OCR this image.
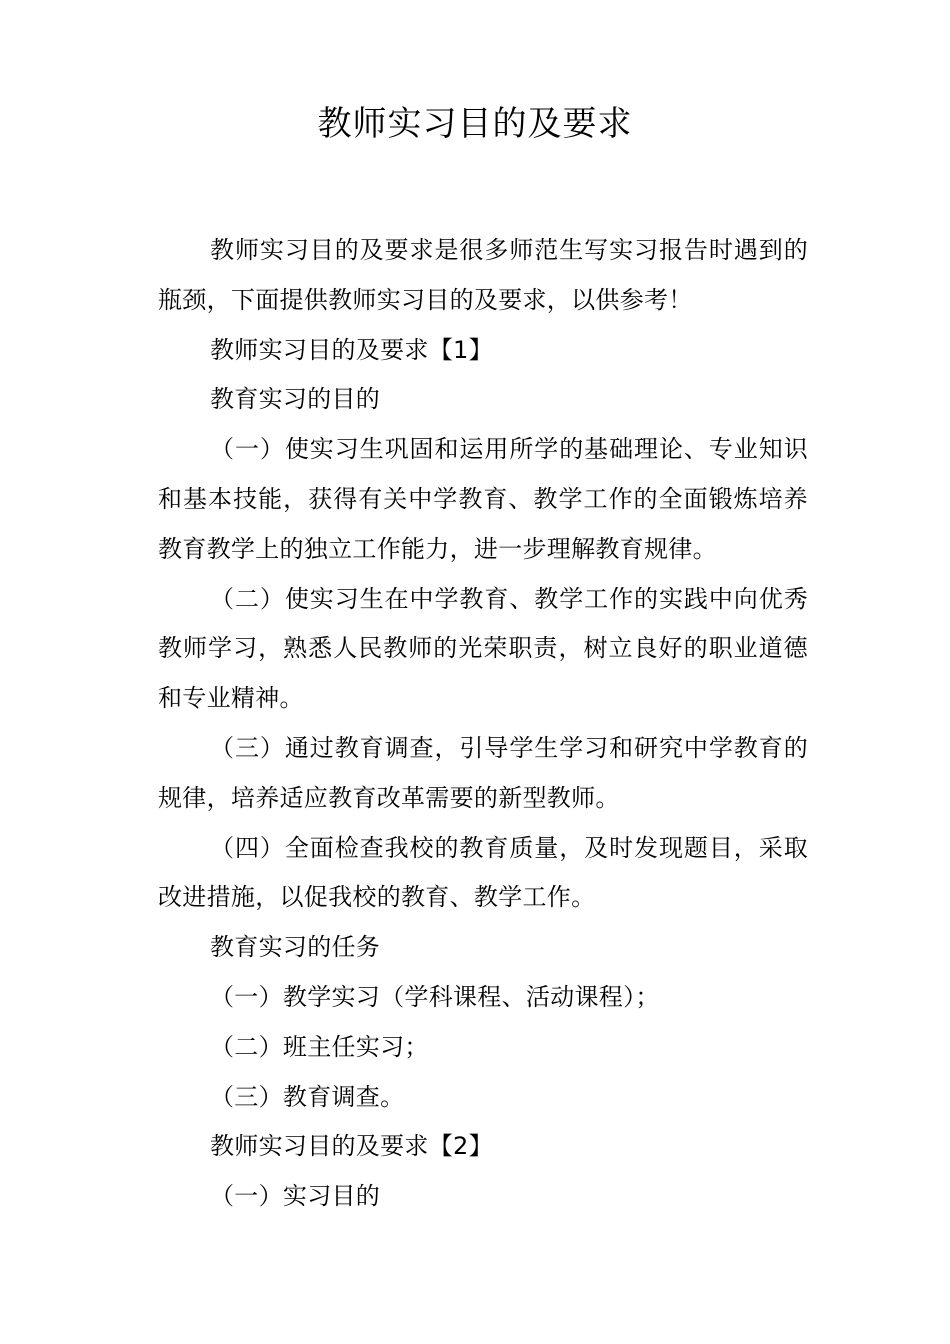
教师实习目的及要求

教师实习目的及要求是很多师范生写实习报告时遇到的瓶颈，下面提供教师实习目的及要求，以供参考！

教师实习目的及要求【1】

教育实习的目的

（一）使实习生巩固和运用所学的基础理论、专业知识和基本技能，获得有关中学教育、教学工作的全面锻炼培养教育教学上的独立工作能力，进一步理解教育规律。

（二）使实习生在中学教育、教学工作的实践中向优秀教师学习，熟悉人民教师的光荣职责，树立良好的职业道德和专业精神。

（三）通过教育调查，引导学生学习和研究中学教育的规律，培养适应教育改革需要的新型教师。

（四）全面检查我校的教育质量，及时发现题目，采取改进措施，以促我校的教育、教学工作。

教育实习的任务

（一）教学实习（学科课程、活动课程）；

（二）班主任实习；

（三）教育调查。

教师实习目的及要求【2】

（一）实习目的
